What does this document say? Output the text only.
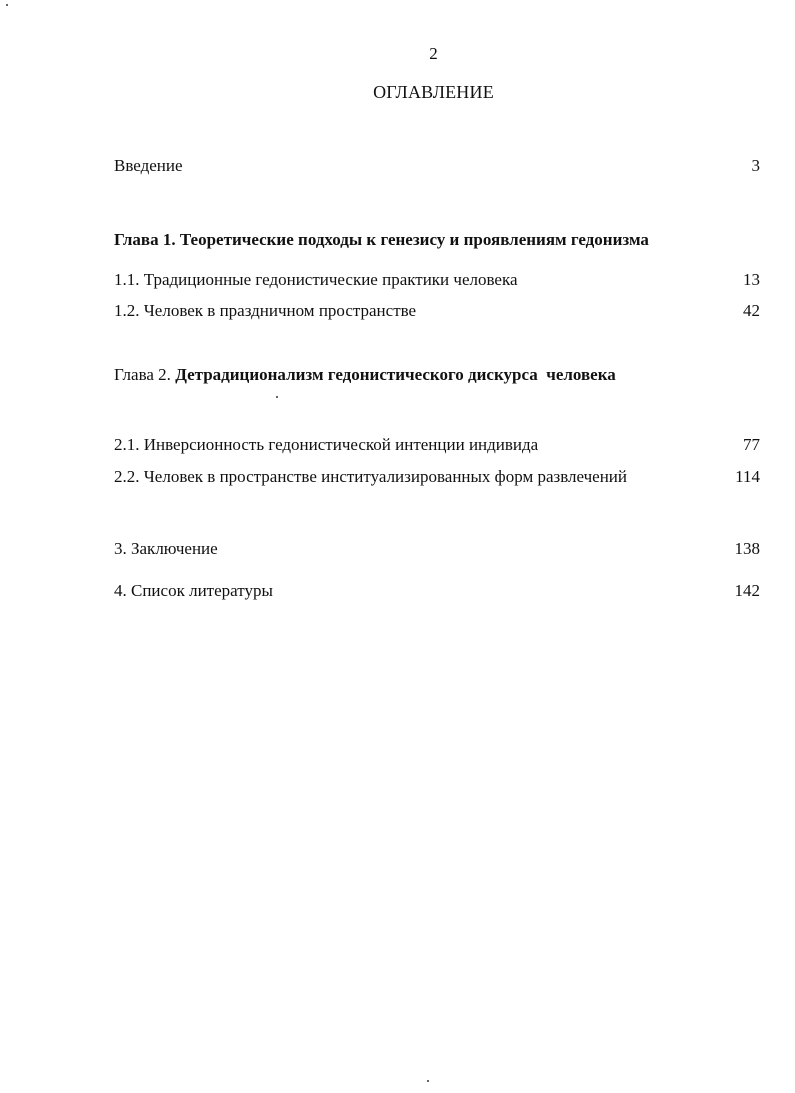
2
ОГЛАВЛЕНИЕ
Введение	3
Глава 1. Теоретические подходы к генезису и проявлениям гедонизма
1.1. Традиционные гедонистические практики человека	13
1.2. Человек в праздничном пространстве	42
Глава 2. Детрадиционализм гедонистического дискурса  человека
2.1. Инверсионность гедонистической интенции индивида	77
2.2. Человек в пространстве институализированных форм развлечений	114
3. Заключение	138
4. Список литературы	142
